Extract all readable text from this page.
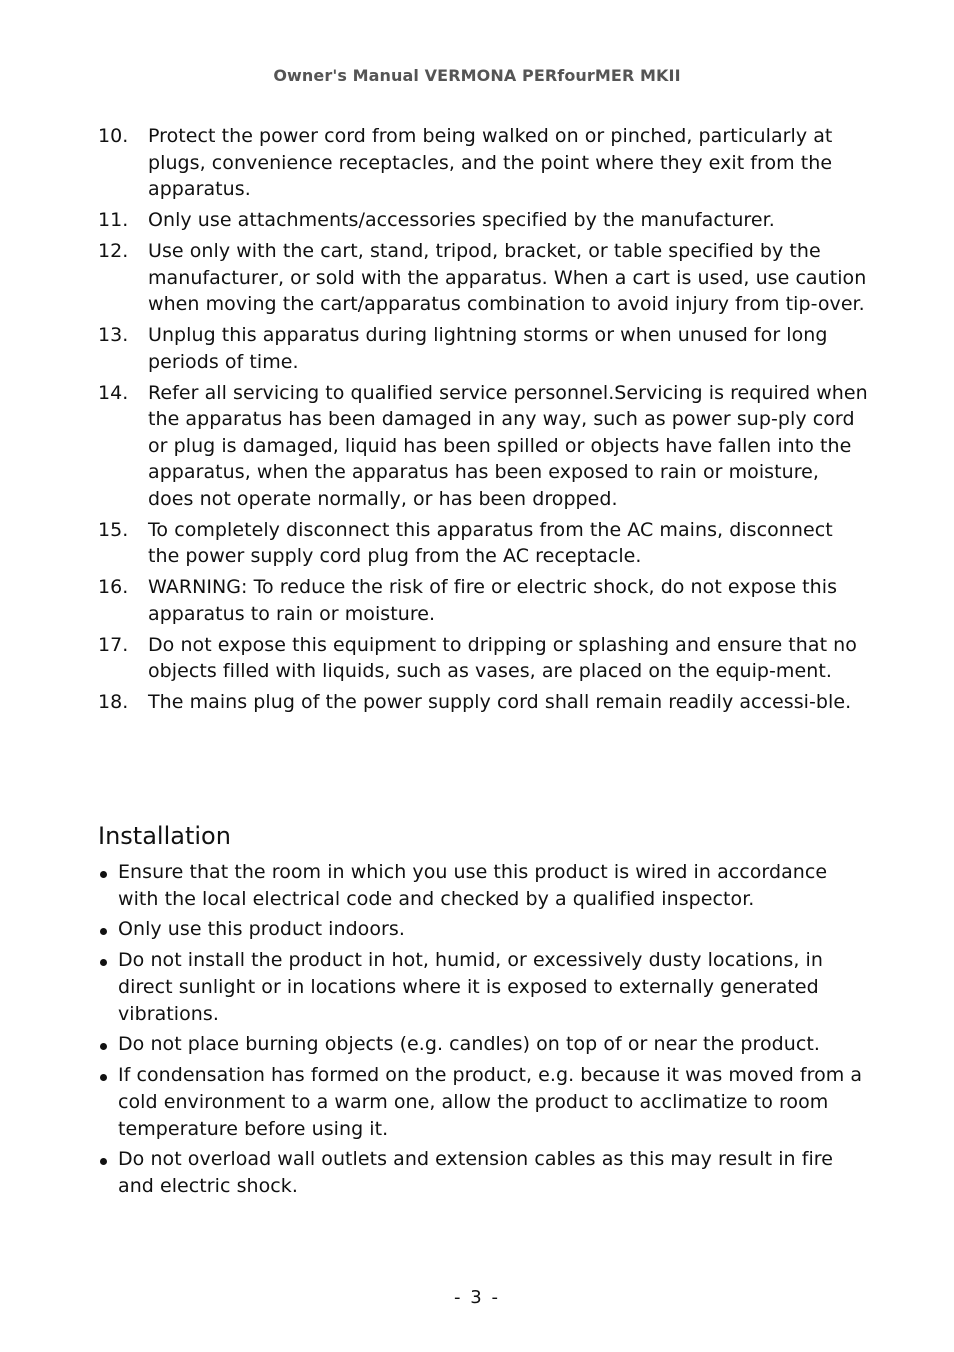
Owner's Manual VERMONA PERfourMER MKII
10. Protect the power cord from being walked on or pinched, particularly at plugs, convenience receptacles, and the point where they exit from the apparatus.
11. Only use attachments/accessories specified by the manufacturer.
12. Use only with the cart, stand, tripod, bracket, or table specified by the manufacturer, or sold with the apparatus. When a cart is used, use caution when moving the cart/apparatus combination to avoid injury from tip-over.
13. Unplug this apparatus during lightning storms or when unused for long periods of time.
14. Refer all servicing to qualified service personnel.Servicing is required when the apparatus has been damaged in any way, such as power sup-ply cord or plug is damaged, liquid has been spilled or objects have fallen into the apparatus, when the apparatus has been exposed to rain or moisture, does not operate normally, or has been dropped.
15. To completely disconnect this apparatus from the AC mains, disconnect the power supply cord plug from the AC receptacle.
16. WARNING: To reduce the risk of fire or electric shock, do not expose this apparatus to rain or moisture.
17. Do not expose this equipment to dripping or splashing and ensure that no objects filled with liquids, such as vases, are placed on the equip-ment.
18. The mains plug of the power supply cord shall remain readily accessi-ble.
Installation
Ensure that the room in which you use this product is wired in accordance with the local electrical code and checked by a qualified inspector.
Only use this product indoors.
Do not install the product in hot, humid, or excessively dusty locations, in direct sunlight or in locations where it is exposed to externally generated vibrations.
Do not place burning objects (e.g. candles) on top of or near the product.
If condensation has formed on the product, e.g. because it was moved from a cold environment to a warm one, allow the product to acclimatize to room temperature before using it.
Do not overload wall outlets and extension cables as this may result in fire and electric shock.
- 3 -
